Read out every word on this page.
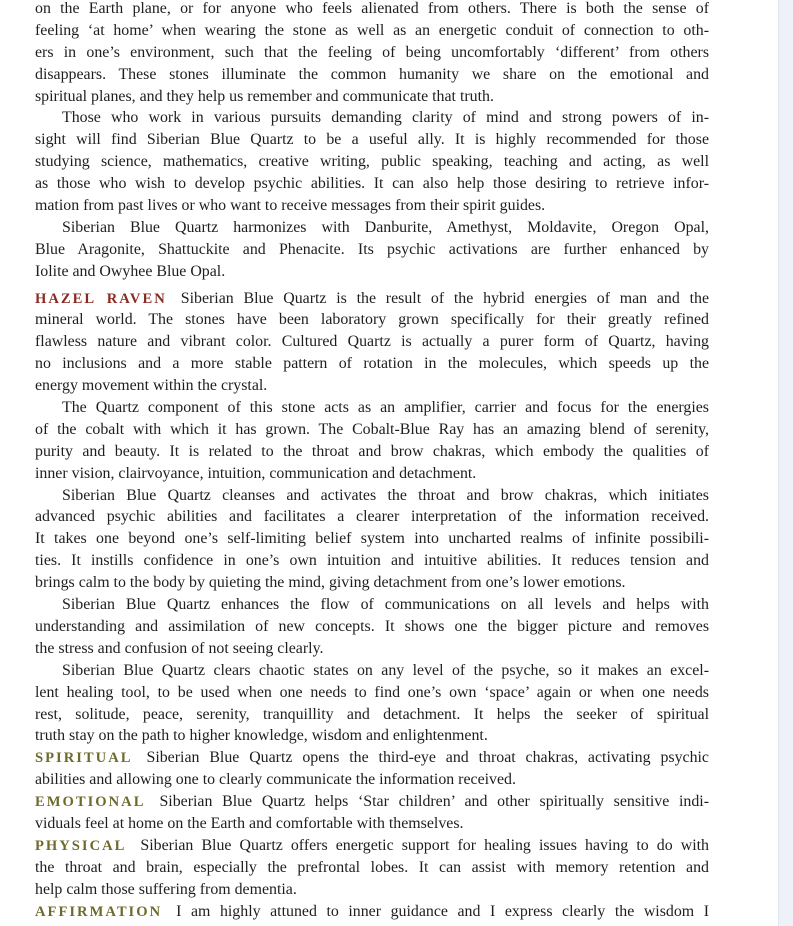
on the Earth plane, or for anyone who feels alienated from others. There is both the sense of
feeling ‘at home’ when wearing the stone as well as an energetic conduit of connection to oth-
ers in one’s environment, such that the feeling of being uncomfortably ‘different’ from others
disappears. These stones illuminate the common humanity we share on the emotional and
spiritual planes, and they help us remember and communicate that truth.
Those who work in various pursuits demanding clarity of mind and strong powers of in-
sight will find Siberian Blue Quartz to be a useful ally. It is highly recommended for those
studying science, mathematics, creative writing, public speaking, teaching and acting, as well
as those who wish to develop psychic abilities. It can also help those desiring to retrieve infor-
mation from past lives or who want to receive messages from their spirit guides.
Siberian Blue Quartz harmonizes with Danburite, Amethyst, Moldavite, Oregon Opal,
Blue Aragonite, Shattuckite and Phenacite. Its psychic activations are further enhanced by
Iolite and Owyhee Blue Opal.
HAZEL RAVEN Siberian Blue Quartz is the result of the hybrid energies of man and the
mineral world. The stones have been laboratory grown specifically for their greatly refined
flawless nature and vibrant color. Cultured Quartz is actually a purer form of Quartz, having
no inclusions and a more stable pattern of rotation in the molecules, which speeds up the
energy movement within the crystal.
The Quartz component of this stone acts as an amplifier, carrier and focus for the energies
of the cobalt with which it has grown. The Cobalt-Blue Ray has an amazing blend of serenity,
purity and beauty. It is related to the throat and brow chakras, which embody the qualities of
inner vision, clairvoyance, intuition, communication and detachment.
Siberian Blue Quartz cleanses and activates the throat and brow chakras, which initiates
advanced psychic abilities and facilitates a clearer interpretation of the information received.
It takes one beyond one’s self-limiting belief system into uncharted realms of infinite possibili-
ties. It instills confidence in one’s own intuition and intuitive abilities. It reduces tension and
brings calm to the body by quieting the mind, giving detachment from one’s lower emotions.
Siberian Blue Quartz enhances the flow of communications on all levels and helps with
understanding and assimilation of new concepts. It shows one the bigger picture and removes
the stress and confusion of not seeing clearly.
Siberian Blue Quartz clears chaotic states on any level of the psyche, so it makes an excel-
lent healing tool, to be used when one needs to find one’s own ‘space’ again or when one needs
rest, solitude, peace, serenity, tranquillity and detachment. It helps the seeker of spiritual
truth stay on the path to higher knowledge, wisdom and enlightenment.
SPIRITUAL Siberian Blue Quartz opens the third-eye and throat chakras, activating psychic
abilities and allowing one to clearly communicate the information received.
EMOTIONAL Siberian Blue Quartz helps ‘Star children’ and other spiritually sensitive indi-
viduals feel at home on the Earth and comfortable with themselves.
PHYSICAL Siberian Blue Quartz offers energetic support for healing issues having to do with
the throat and brain, especially the prefrontal lobes. It can assist with memory retention and
help calm those suffering from dementia.
AFFIRMATION I am highly attuned to inner guidance and I express clearly the wisdom I
